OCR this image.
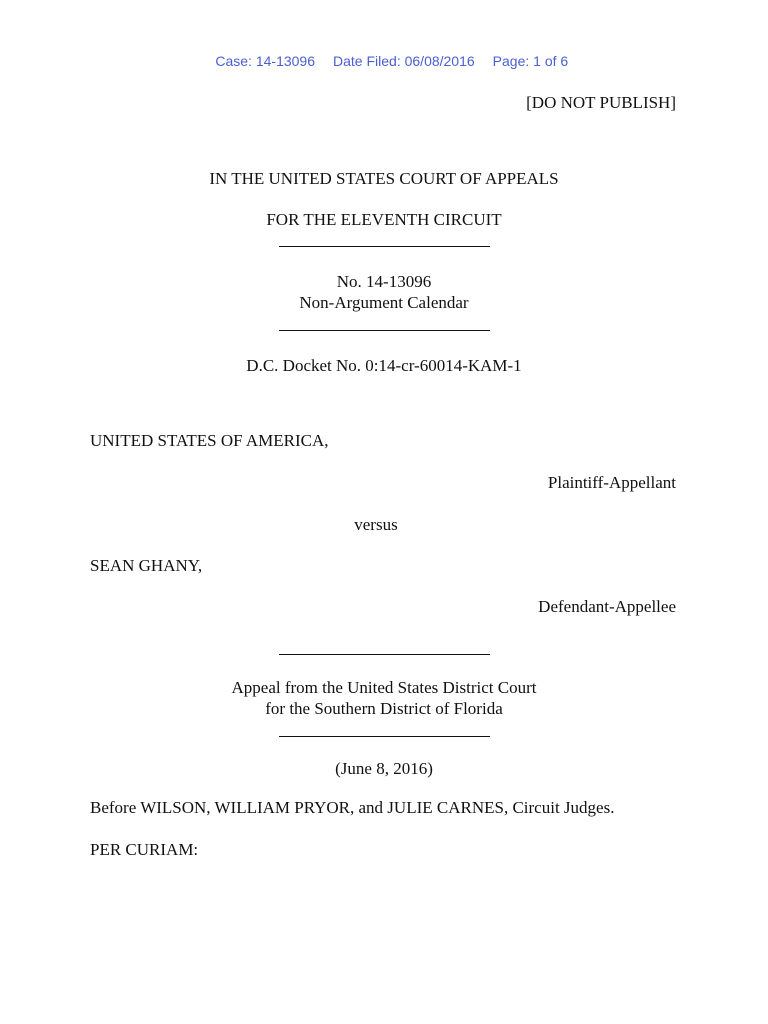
Case: 14-13096 Date Filed: 06/08/2016 Page: 1 of 6

[DO NOT PUBLISH]
IN THE UNITED STATES COURT OF APPEALS
FOR THE ELEVENTH CIRCUIT
No. 14-13096
Non-Argument Calendar
D.C. Docket No. 0:14-cr-60014-KAM-1
UNITED STATES OF AMERICA,
Plaintiff-Appellant
versus
SEAN GHANY,
Defendant-Appellee
Appeal from the United States District Court
for the Southern District of Florida
(June 8, 2016)
Before WILSON, WILLIAM PRYOR, and JULIE CARNES, Circuit Judges.
PER CURIAM:
